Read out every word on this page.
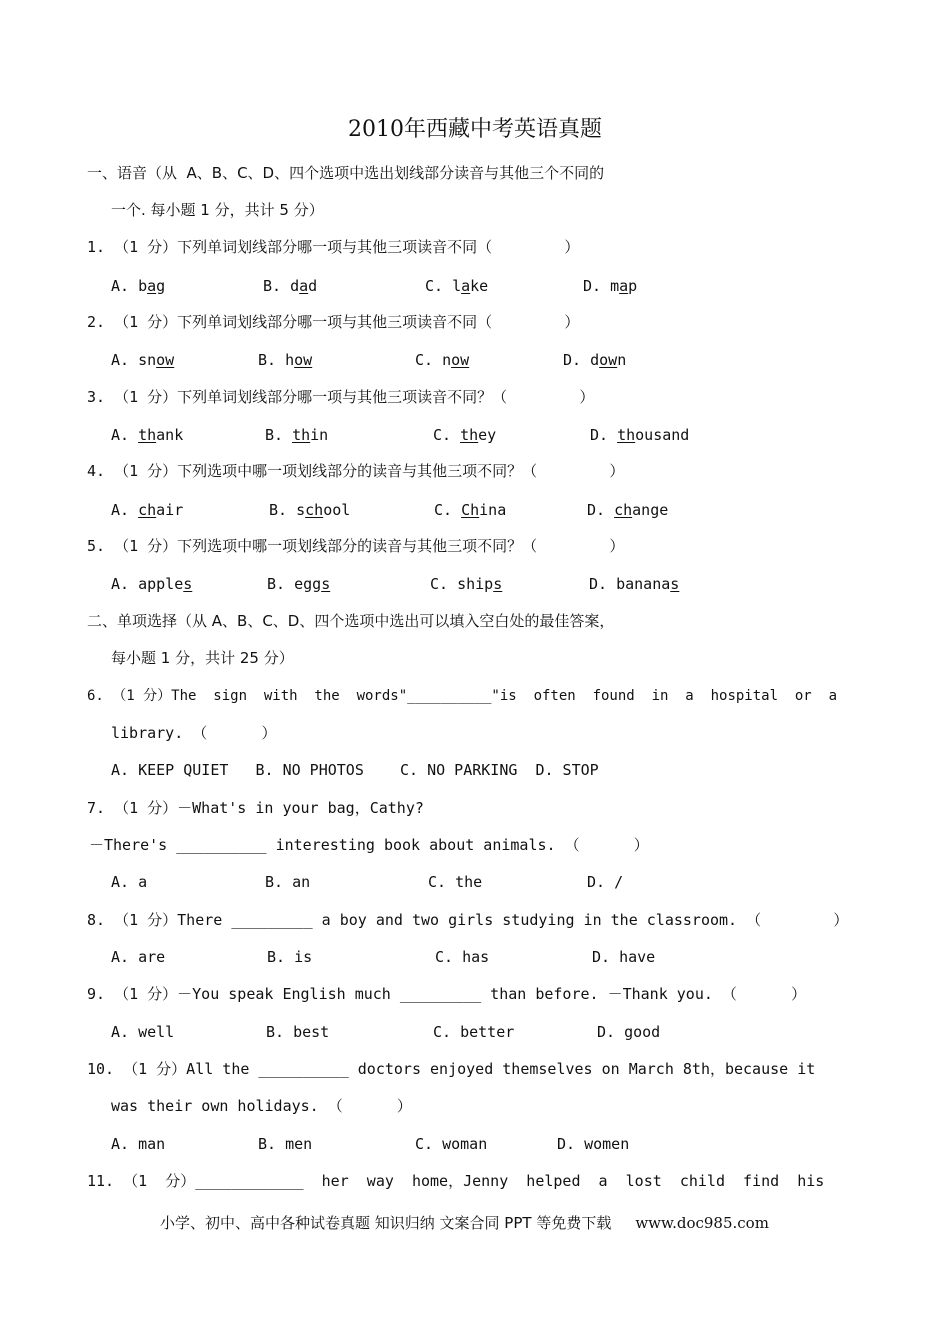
2010年西藏中考英语真题
一、语音（从  A、B、C、D、四个选项中选出划线部分读音与其他三个不同的
一个. 每小题 1 分，共计 5 分）
1. （1 分）下列单词划线部分哪一项与其他三项读音不同（        ）
A. bag	B. dad	C. lake	D. map
2. （1 分）下列单词划线部分哪一项与其他三项读音不同（        ）
A. snow	B. how	C. now	D. down
3. （1 分）下列单词划线部分哪一项与其他三项读音不同？（        ）
A. thank	B. thin	C. they	D. thousand
4. （1 分）下列选项中哪一项划线部分的读音与其他三项不同？（        ）
A. chair	B. school	C. China	D. change
5. （1 分）下列选项中哪一项划线部分的读音与其他三项不同？（        ）
A. apples	B. eggs	C. ships	D. bananas
二、单项选择（从 A、B、C、D、四个选项中选出可以填入空白处的最佳答案，
每小题 1 分，共计 25 分）
6. （1 分）The  sign  with  the  words"__________"is  often  found  in  a  hospital  or  a
library. （      ）
A. KEEP QUIET   B. NO PHOTOS    C. NO PARKING  D. STOP
7. （1 分）－What's in your bag，Cathy?
－There's __________ interesting book about animals. （      ）
A. a	B. an	C. the	D. /
8. （1 分）There _________ a boy and two girls studying in the classroom. （        ）
A. are	B. is	C. has	D. have
9. （1 分）－You speak English much _________ than before. －Thank you. （      ）
A. well	B. best	C. better	D. good
10. （1 分）All the __________ doctors enjoyed themselves on March 8th，because it
was their own holidays. （      ）
A. man	B. men	C. woman	D. women
11. （1  分）____________  her  way  home，Jenny  helped  a  lost  child  find  his
小学、初中、高中各种试卷真题 知识归纳 文案合同 PPT 等免费下载 www.doc985.com
